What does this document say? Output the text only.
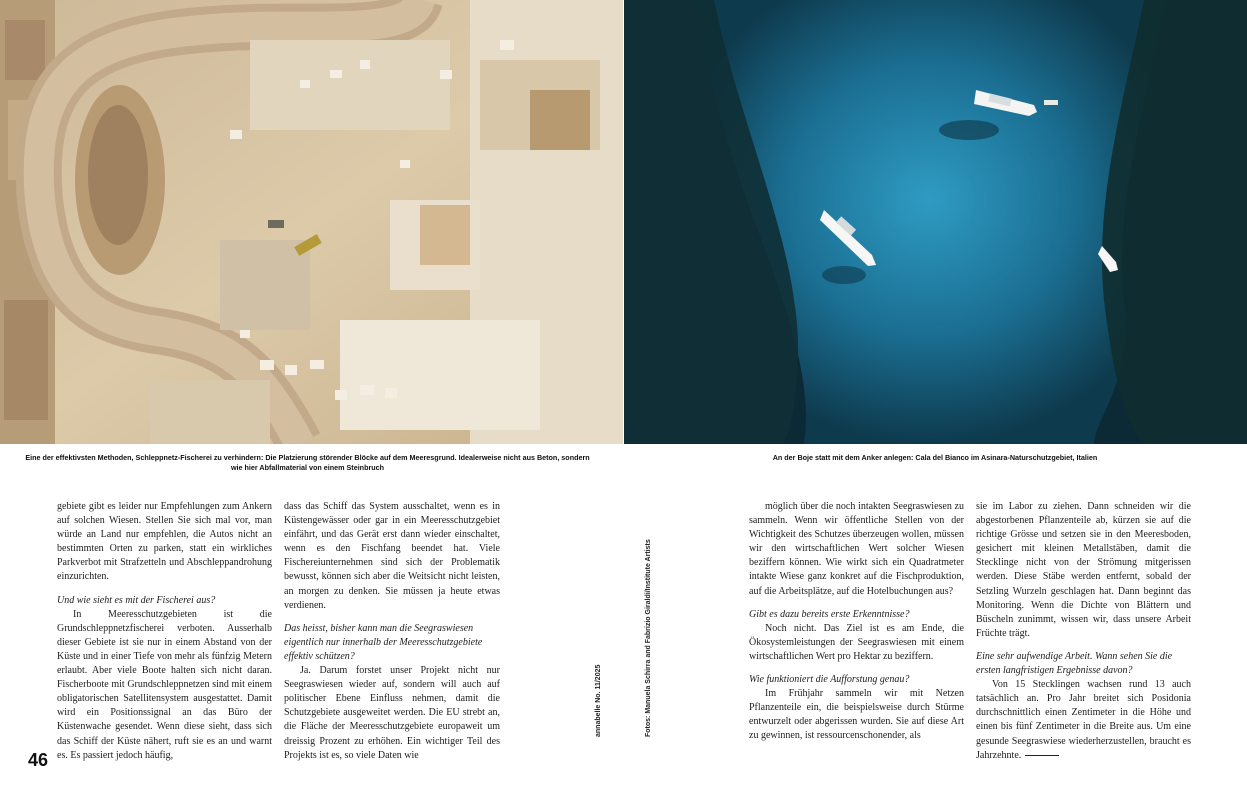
Eine der effektivsten Methoden, Schleppnetz-Fischerei zu verhindern: Die Platzierung störender Blöcke auf dem Meeresgrund. Idealerweise nicht aus Beton, sondern wie hier Abfallmaterial von einem Steinbruch
An der Boje statt mit dem Anker anlegen: Cala del Bianco im Asinara-Naturschutzgebiet, Italien

gebiete gibt es leider nur Empfehlungen zum Ankern auf solchen Wiesen. Stellen Sie sich mal vor, man würde an Land nur empfehlen, die Autos nicht an bestimmten Orten zu parken, statt ein wirkliches Parkverbot mit Strafzetteln und Abschleppandrohung einzurichten.

Und wie sieht es mit der Fischerei aus?

In Meeresschutzgebieten ist die Grundschleppnetzfischerei verboten. Ausserhalb dieser Gebiete ist sie nur in einem Abstand von der Küste und in einer Tiefe von mehr als fünfzig Metern erlaubt. Aber viele Boote halten sich nicht daran. Fischerboote mit Grundschleppnetzen sind mit einem obligatorischen Satellitensystem ausgestattet. Damit wird ein Positionssignal an das Büro der Küstenwache gesendet. Wenn diese sieht, dass sich das Schiff der Küste nähert, ruft sie es an und warnt es. Es passiert jedoch häufig,

dass das Schiff das System ausschaltet, wenn es in Küstengewässer oder gar in ein Meeresschutzgebiet einfährt, und das Gerät erst dann wieder einschaltet, wenn es den Fischfang beendet hat. Viele Fischereiunternehmen sind sich der Problematik bewusst, können sich aber die Weitsicht nicht leisten, an morgen zu denken. Sie müssen ja heute etwas verdienen.

Das heisst, bisher kann man die Seegraswiesen eigentlich nur innerhalb der Meeresschutzgebiete effektiv schützen?

Ja. Darum forstet unser Projekt nicht nur Seegraswiesen wieder auf, sondern will auch auf politischer Ebene Einfluss nehmen, damit die Schutzgebiete ausgeweitet werden. Die EU strebt an, die Fläche der Meeresschutzgebiete europaweit um dreissig Prozent zu erhöhen. Ein wichtiger Teil des Projekts ist es, so viele Daten wie

möglich über die noch intakten Seegraswiesen zu sammeln. Wenn wir öffentliche Stellen von der Wichtigkeit des Schutzes überzeugen wollen, müssen wir den wirtschaftlichen Wert solcher Wiesen beziffern können. Wie wirkt sich ein Quadratmeter intakte Wiese ganz konkret auf die Fischproduktion, auf die Arbeitsplätze, auf die Hotelbuchungen aus?

Gibt es dazu bereits erste Erkenntnisse?

Noch nicht. Das Ziel ist es am Ende, die Ökosystemleistungen der Seegraswiesen mit einem wirtschaftlichen Wert pro Hektar zu beziffern.

Wie funktioniert die Aufforstung genau?

Im Frühjahr sammeln wir mit Netzen Pflanzenteile ein, die beispielsweise durch Stürme entwurzelt oder abgerissen wurden. Sie auf diese Art zu gewinnen, ist ressourcenschonender, als

sie im Labor zu ziehen. Dann schneiden wir die abgestorbenen Pflanzenteile ab, kürzen sie auf die richtige Grösse und setzen sie in den Meeresboden, gesichert mit kleinen Metallstäben, damit die Stecklinge nicht von der Strömung mitgerissen werden. Diese Stäbe werden entfernt, sobald der Setzling Wurzeln geschlagen hat. Dann beginnt das Monitoring. Wenn die Dichte von Blättern und Büscheln zunimmt, wissen wir, dass unsere Arbeit Früchte trägt.

Eine sehr aufwendige Arbeit. Wann sehen Sie die ersten langfristigen Ergebnisse davon?

Von 15 Stecklingen wachsen rund 13 auch tatsächlich an. Pro Jahr breitet sich Posidonia durchschnittlich einen Zentimeter in die Höhe und einen bis fünf Zentimeter in die Breite aus. Um eine gesunde Seegraswiese wiederherzustellen, braucht es Jahrzehnte.

annabelle No. 11/2025	Fotos: Manuela Schirra and Fabrizio Giraldi/Institute Artists
46
